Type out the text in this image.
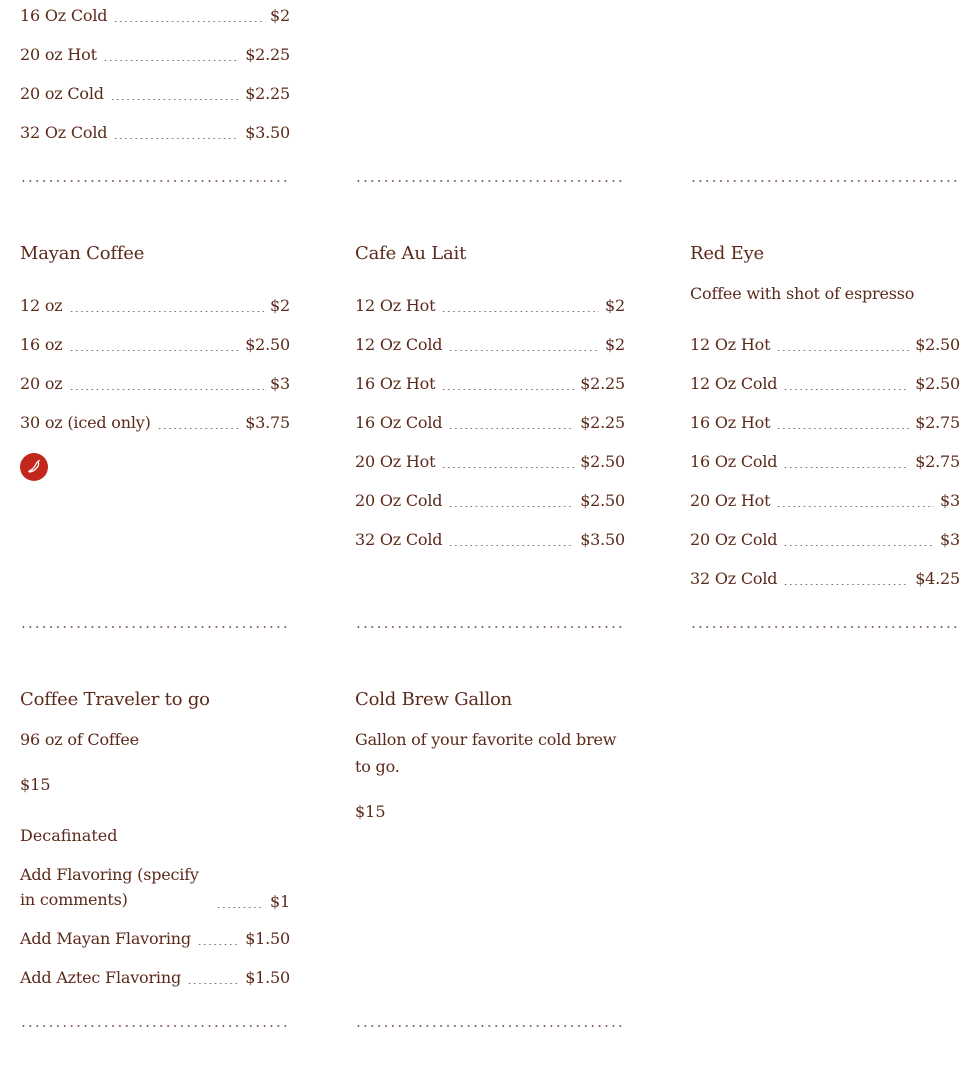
16 Oz Cold	$2
20 oz Hot	$2.25
20 oz Cold	$2.25
32 Oz Cold	$3.50
Mayan Coffee
12 oz	$2
16 oz	$2.50
20 oz	$3
30 oz (iced only)	$3.75
Coffee Traveler to go
96 oz of Coffee
$15
Decafinated
Add Flavoring (specify in comments)	$1
Add Mayan Flavoring	$1.50
Add Aztec Flavoring	$1.50
Cafe Au Lait
12 Oz Hot	$2
12 Oz Cold	$2
16 Oz Hot	$2.25
16 Oz Cold	$2.25
20 Oz Hot	$2.50
20 Oz Cold	$2.50
32 Oz Cold	$3.50
Cold Brew Gallon
Gallon of your favorite cold brew to go.
$15
Red Eye
Coffee with shot of espresso
12 Oz Hot	$2.50
12 Oz Cold	$2.50
16 Oz Hot	$2.75
16 Oz Cold	$2.75
20 Oz Hot	$3
20 Oz Cold	$3
32 Oz Cold	$4.25
